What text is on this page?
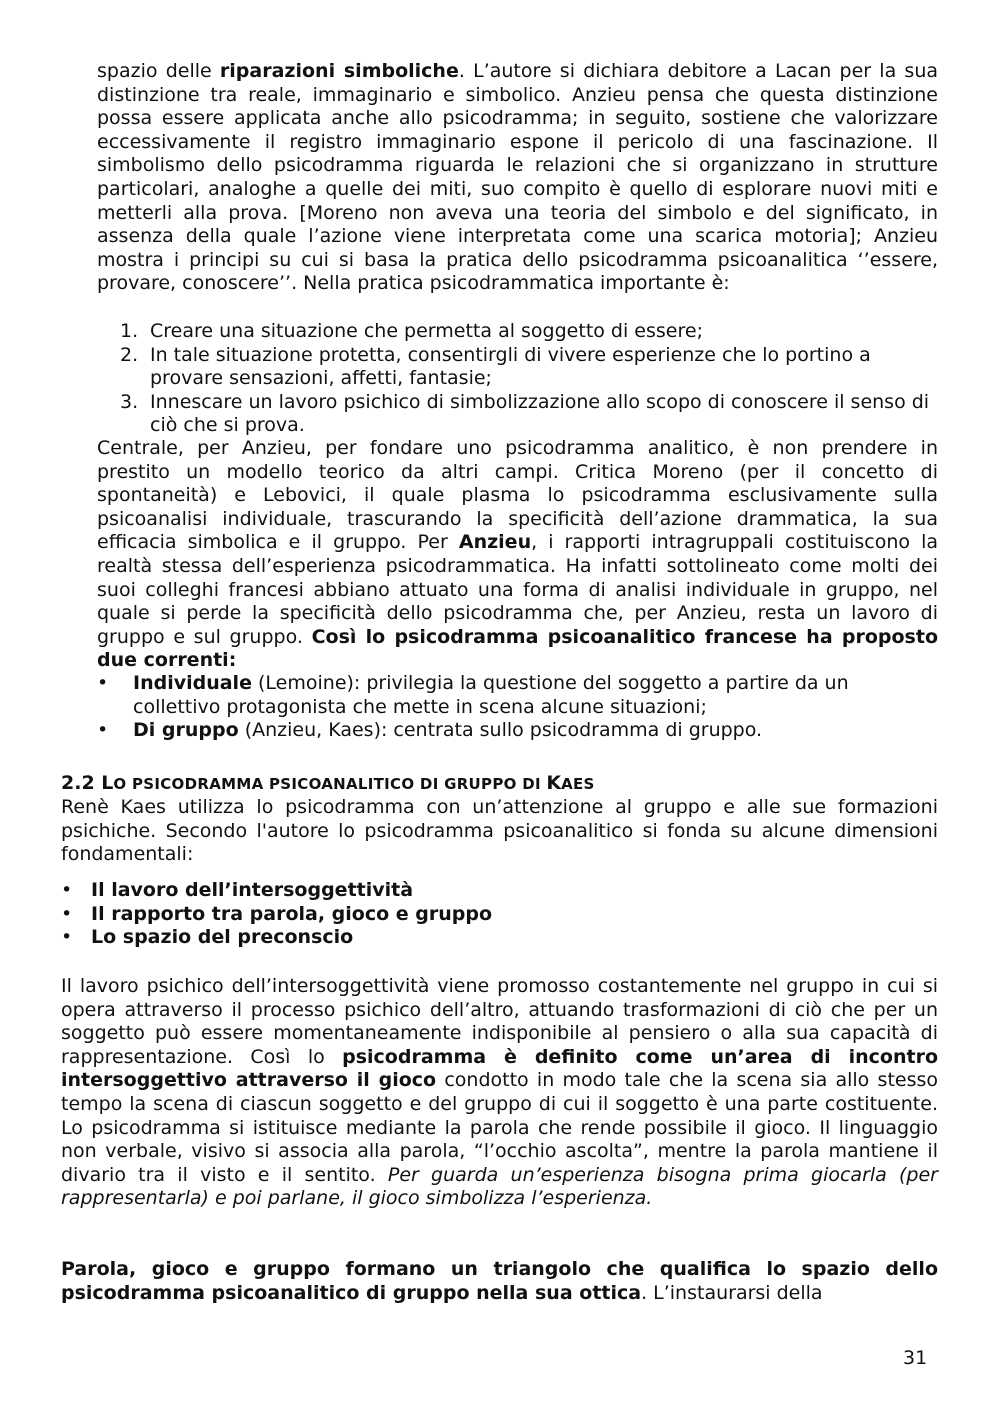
spazio delle riparazioni simboliche. L’autore si dichiara debitore a Lacan per la sua distinzione tra reale, immaginario e simbolico. Anzieu pensa che questa distinzione possa essere applicata anche allo psicodramma; in seguito, sostiene che valorizzare eccessivamente il registro immaginario espone il pericolo di una fascinazione. Il simbolismo dello psicodramma riguarda le relazioni che si organizzano in strutture particolari, analoghe a quelle dei miti, suo compito è quello di esplorare nuovi miti e metterli alla prova. [Moreno non aveva una teoria del simbolo e del significato, in assenza della quale l’azione viene interpretata come una scarica motoria]; Anzieu mostra i principi su cui si basa la pratica dello psicodramma psicoanalitica ‘’essere, provare, conoscere’’. Nella pratica psicodrammatica importante è:

1. Creare una situazione che permetta al soggetto di essere;
2. In tale situazione protetta, consentirgli di vivere esperienze che lo portino a provare sensazioni, affetti, fantasie;
3. Innescare un lavoro psichico di simbolizzazione allo scopo di conoscere il senso di ciò che si prova.

Centrale, per Anzieu, per fondare uno psicodramma analitico, è non prendere in prestito un modello teorico da altri campi. Critica Moreno (per il concetto di spontaneità) e Lebovici, il quale plasma lo psicodramma esclusivamente sulla psicoanalisi individuale, trascurando la specificità dell’azione drammatica, la sua efficacia simbolica e il gruppo. Per Anzieu, i rapporti intragruppali costituiscono la realtà stessa dell’esperienza psicodrammatica. Ha infatti sottolineato come molti dei suoi colleghi francesi abbiano attuato una forma di analisi individuale in gruppo, nel quale si perde la specificità dello psicodramma che, per Anzieu, resta un lavoro di gruppo e sul gruppo. Così lo psicodramma psicoanalitico francese ha proposto due correnti:

• Individuale (Lemoine): privilegia la questione del soggetto a partire da un collettivo protagonista che mette in scena alcune situazioni;
• Di gruppo (Anzieu, Kaes): centrata sullo psicodramma di gruppo.
2.2 LO PSICODRAMMA PSICOANALITICO DI GRUPPO DI KAES

Renè Kaes utilizza lo psicodramma con un’attenzione al gruppo e alle sue formazioni psichiche. Secondo l'autore lo psicodramma psicoanalitico si fonda su alcune dimensioni fondamentali:

• Il lavoro dell’intersoggettività
• Il rapporto tra parola, gioco e gruppo
• Lo spazio del preconscio

Il lavoro psichico dell’intersoggettività viene promosso costantemente nel gruppo in cui si opera attraverso il processo psichico dell’altro, attuando trasformazioni di ciò che per un soggetto può essere momentaneamente indisponibile al pensiero o alla sua capacità di rappresentazione. Così lo psicodramma è definito come un’area di incontro intersoggettivo attraverso il gioco condotto in modo tale che la scena sia allo stesso tempo la scena di ciascun soggetto e del gruppo di cui il soggetto è una parte costituente. Lo psicodramma si istituisce mediante la parola che rende possibile il gioco. Il linguaggio non verbale, visivo si associa alla parola, “l’occhio ascolta”, mentre la parola mantiene il divario tra il visto e il sentito. Per guarda un’esperienza bisogna prima giocarla (per rappresentarla) e poi parlane, il gioco simbolizza l’esperienza.

Parola, gioco e gruppo formano un triangolo che qualifica lo spazio dello psicodramma psicoanalitico di gruppo nella sua ottica. L’instaurarsi della

31
